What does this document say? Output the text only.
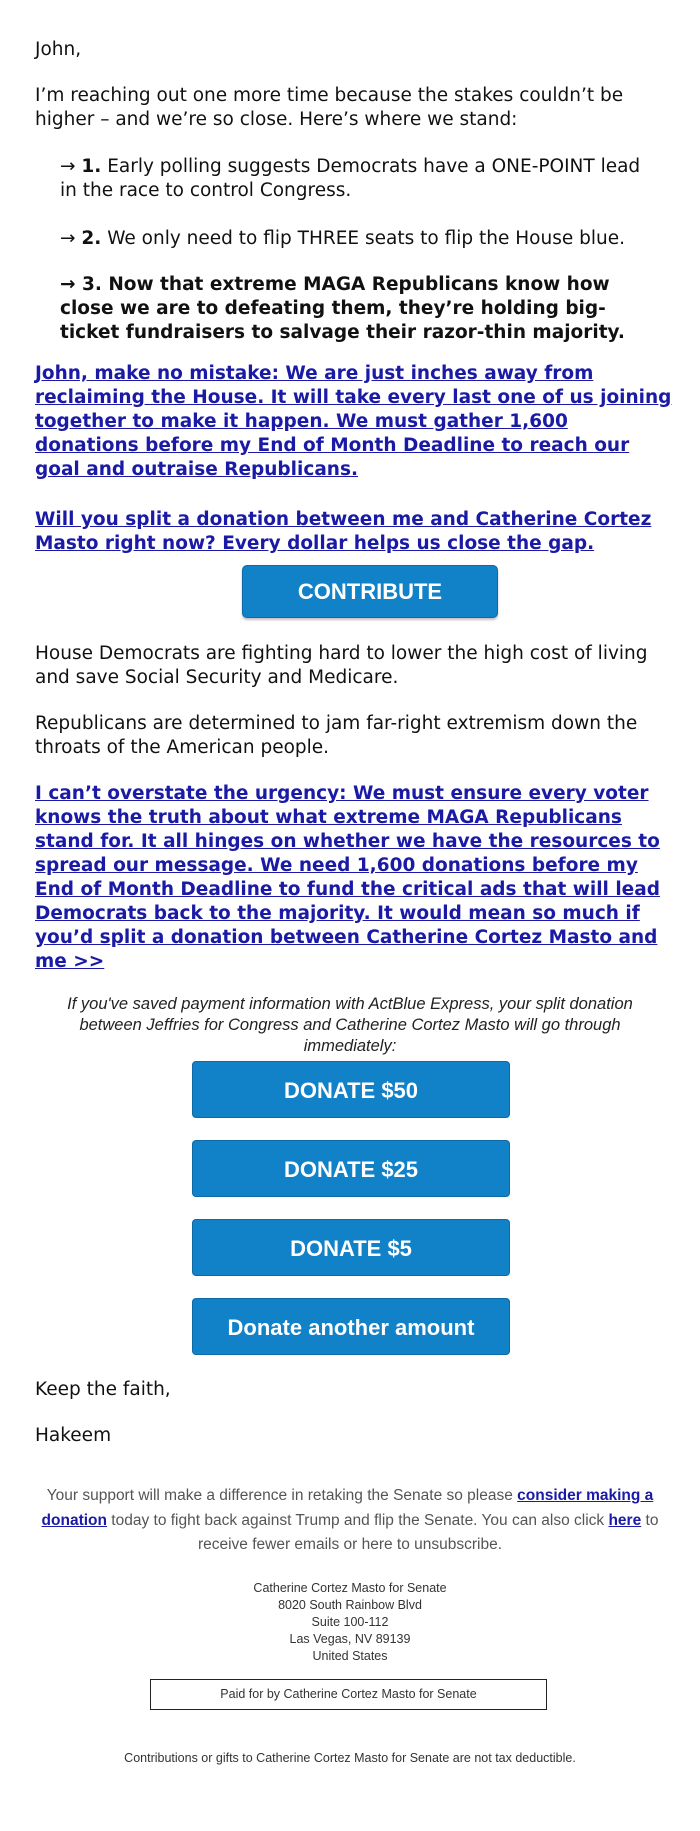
John,

I’m reaching out one more time because the stakes couldn’t be higher – and we’re so close. Here’s where we stand:

→ 1. Early polling suggests Democrats have a ONE-POINT lead in the race to control Congress.

→ 2. We only need to flip THREE seats to flip the House blue.

→ 3. Now that extreme MAGA Republicans know how close we are to defeating them, they’re holding big-ticket fundraisers to salvage their razor-thin majority.

John, make no mistake: We are just inches away from reclaiming the House. It will take every last one of us joining together to make it happen. We must gather 1,600 donations before my End of Month Deadline to reach our goal and outraise Republicans.

Will you split a donation between me and Catherine Cortez Masto right now? Every dollar helps us close the gap.

CONTRIBUTE

House Democrats are fighting hard to lower the high cost of living and save Social Security and Medicare.

Republicans are determined to jam far-right extremism down the throats of the American people.

I can’t overstate the urgency: We must ensure every voter knows the truth about what extreme MAGA Republicans stand for. It all hinges on whether we have the resources to spread our message. We need 1,600 donations before my End of Month Deadline to fund the critical ads that will lead Democrats back to the majority. It would mean so much if you’d split a donation between Catherine Cortez Masto and me >>

If you've saved payment information with ActBlue Express, your split donation between Jeffries for Congress and Catherine Cortez Masto will go through immediately:

DONATE $50
DONATE $25
DONATE $5
Donate another amount

Keep the faith,

Hakeem

Your support will make a difference in retaking the Senate so please consider making a donation today to fight back against Trump and flip the Senate. You can also click here to receive fewer emails or here to unsubscribe.

Catherine Cortez Masto for Senate
8020 South Rainbow Blvd
Suite 100-112
Las Vegas, NV 89139
United States
Paid for by Catherine Cortez Masto for Senate
Contributions or gifts to Catherine Cortez Masto for Senate are not tax deductible.
